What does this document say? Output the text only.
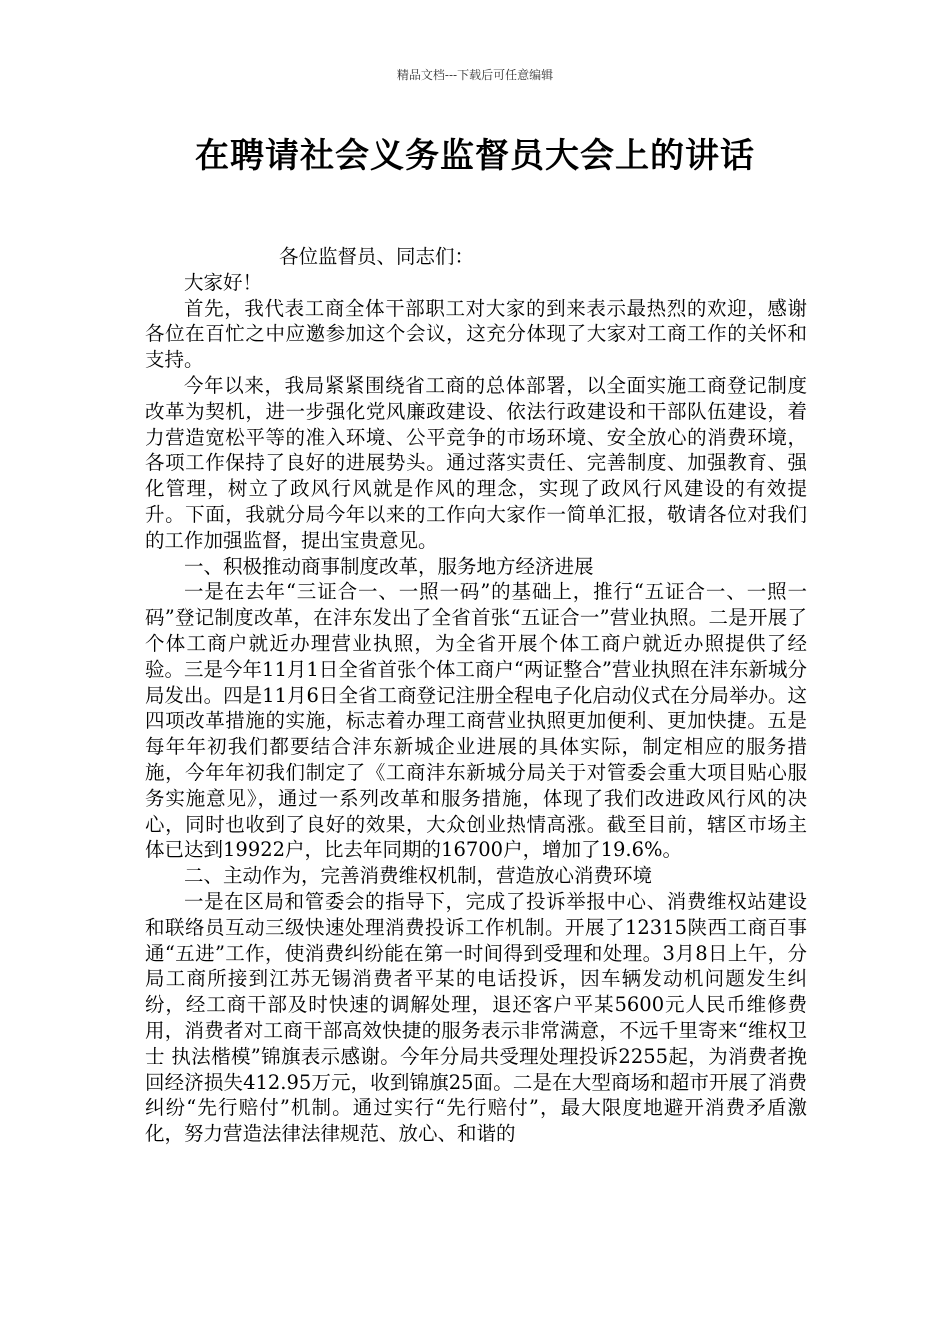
精品文档---下载后可任意编辑
在聘请社会义务监督员大会上的讲话

各位监督员、同志们：

大家好！

首先，我代表工商全体干部职工对大家的到来表示最热烈的欢迎，感谢各位在百忙之中应邀参加这个会议，这充分体现了大家对工商工作的关怀和支持。

今年以来，我局紧紧围绕省工商的总体部署，以全面实施工商登记制度改革为契机，进一步强化党风廉政建设、依法行政建设和干部队伍建设，着力营造宽松平等的准入环境、公平竞争的市场环境、安全放心的消费环境，各项工作保持了良好的进展势头。通过落实责任、完善制度、加强教育、强化管理，树立了政风行风就是作风的理念，实现了政风行风建设的有效提升。下面，我就分局今年以来的工作向大家作一简单汇报，敬请各位对我们的工作加强监督，提出宝贵意见。

一、积极推动商事制度改革，服务地方经济进展

一是在去年“三证合一、一照一码”的基础上，推行“五证合一、一照一码”登记制度改革，在沣东发出了全省首张“五证合一”营业执照。二是开展了个体工商户就近办理营业执照，为全省开展个体工商户就近办照提供了经验。三是今年11月1日全省首张个体工商户“两证整合”营业执照在沣东新城分局发出。四是11月6日全省工商登记注册全程电子化启动仪式在分局举办。这四项改革措施的实施，标志着办理工商营业执照更加便利、更加快捷。五是每年年初我们都要结合沣东新城企业进展的具体实际，制定相应的服务措施，今年年初我们制定了《工商沣东新城分局关于对管委会重大项目贴心服务实施意见》，通过一系列改革和服务措施，体现了我们改进政风行风的决心，同时也收到了良好的效果，大众创业热情高涨。截至目前，辖区市场主体已达到19922户，比去年同期的16700户，增加了19.6%。

二、主动作为，完善消费维权机制，营造放心消费环境

一是在区局和管委会的指导下，完成了投诉举报中心、消费维权站建设和联络员互动三级快速处理消费投诉工作机制。开展了12315陕西工商百事通“五进”工作，使消费纠纷能在第一时间得到受理和处理。3月8日上午，分局工商所接到江苏无锡消费者平某的电话投诉，因车辆发动机问题发生纠纷，经工商干部及时快速的调解处理，退还客户平某5600元人民币维修费用，消费者对工商干部高效快捷的服务表示非常满意，不远千里寄来“维权卫士 执法楷模”锦旗表示感谢。今年分局共受理处理投诉2255起，为消费者挽回经济损失412.95万元，收到锦旗25面。二是在大型商场和超市开展了消费纠纷“先行赔付”机制。通过实行“先行赔付”，最大限度地避开消费矛盾激化，努力营造法律法律规范、放心、和谐的
